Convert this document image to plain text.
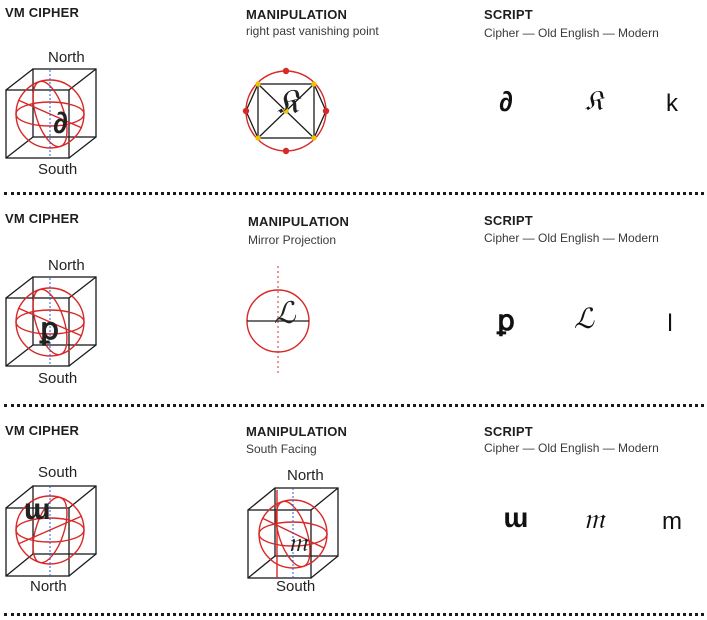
VM CIPHER
North
South
∂
MANIPULATION
right past vanishing point
𝔎
SCRIPT
Cipher — Old English — Modern
∂	𝔎	k
VM CIPHER
North
South
ꝑ
MANIPULATION
Mirror Projection
ℒ
SCRIPT
Cipher — Old English — Modern
ꝑ	ℒ	l
VM CIPHER
South
North
ɯ
MANIPULATION
South Facing
North
South
𝔪
SCRIPT
Cipher — Old English — Modern
ɯ	𝔪	m
